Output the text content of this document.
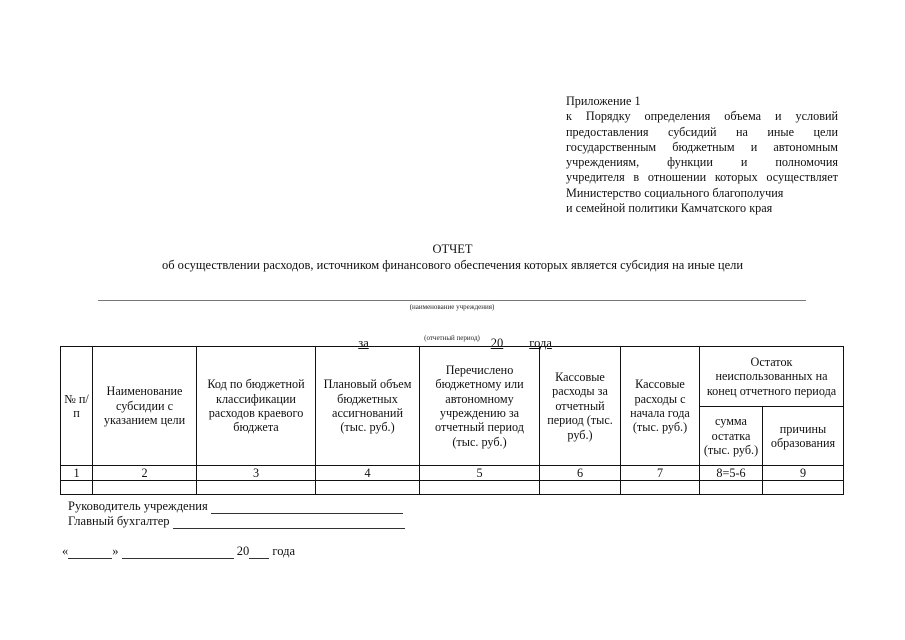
Приложение 1
к Порядку определения объема и условий
предоставления субсидий на иные цели
государственным бюджетным и автономным
учреждениям, функции и полномочия
учредителя в отношении которых осуществляет
Министерство социального благополучия
и семейной политики Камчатского края
ОТЧЕТ
об осуществлении расходов, источником финансового обеспечения которых является субсидия на иные цели
(наименование учреждения)

за	20 года

(отчетный период)
№ п/п	Наименование субсидии с указанием цели	Код по бюджетной классификации расходов краевого бюджета	Плановый объем бюджетных ассигнований (тыс. руб.)	Перечислено бюджетному или автономному учреждению за отчетный период (тыс. руб.)	Кассовые расходы за отчетный период (тыс. руб.)	Кассовые расходы с начала года (тыс. руб.)	Остаток неиспользованных на конец отчетного периода	
							сумма остатка (тыс. руб.)	причины образования
1	2	3	4	5	6	7	8=5-6	9

Руководитель учреждения
Главный бухгалтер
«	»	20 года
